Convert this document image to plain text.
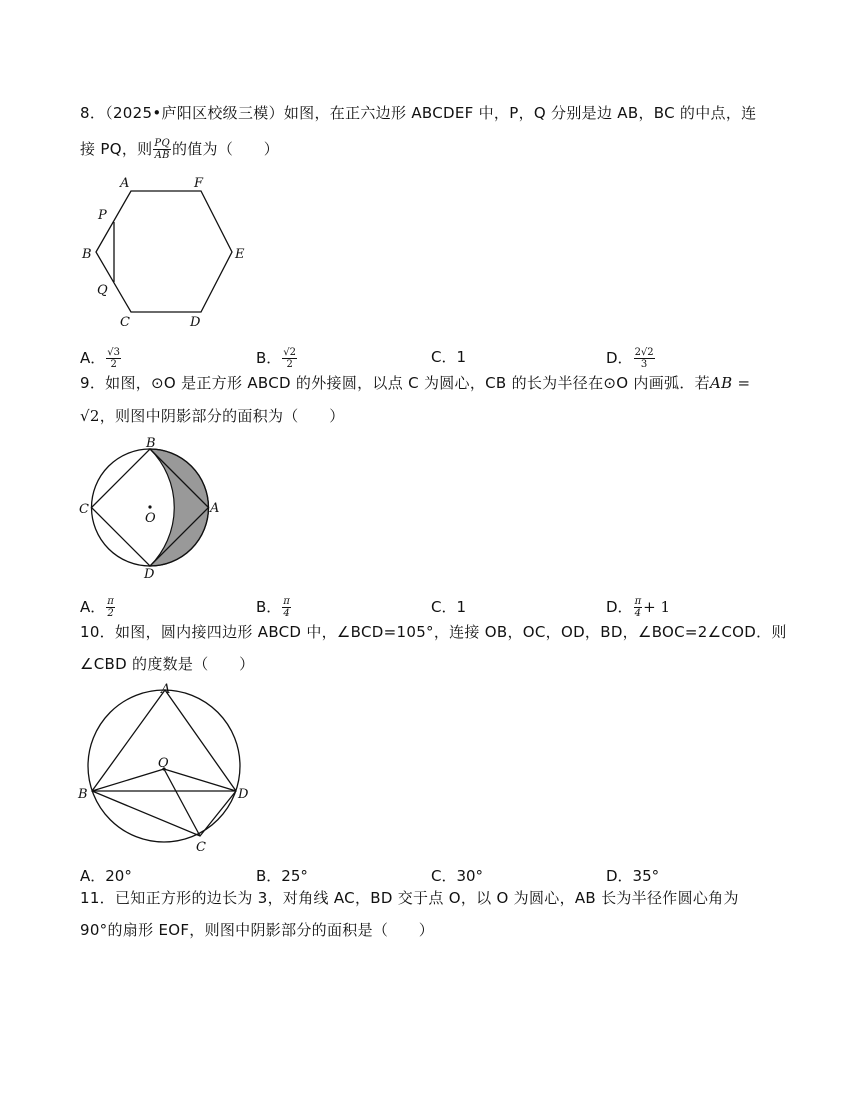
8．（2025•庐阳区校级三模）如图，在正六边形 ABCDEF 中，P，Q 分别是边 AB，BC 的中点，连
接 PQ，则 $\frac{PQ}{AB}$ 的值为（　　）
A	F
P
B	E
Q
C	D
A． $\frac{√3}{2}$	B． $\frac{√2}{2}$	C．1	D． $\frac{2√2}{3}$
9．如图，⊙O 是正方形 ABCD 的外接圆，以点 C 为圆心，CB 的长为半径在⊙O 内画弧．若AB =
√2，则图中阴影部分的面积为（　　）
B
C
O
A
D
A． $\frac{\pi}{2}$	B． $\frac{\pi}{4}$	C．1	D． $\frac{\pi}{4} + 1$
10．如图，圆内接四边形 ABCD 中，∠BCD=105°，连接 OB，OC，OD，BD，∠BOC=2∠COD．则
∠CBD 的度数是（　　）
A
O
B	D
C
A．20°	B．25°	C．30°	D．35°
11．已知正方形的边长为 3，对角线 AC，BD 交于点 O，以 O 为圆心，AB 长为半径作圆心角为
90°的扇形 EOF，则图中阴影部分的面积是（　　）
